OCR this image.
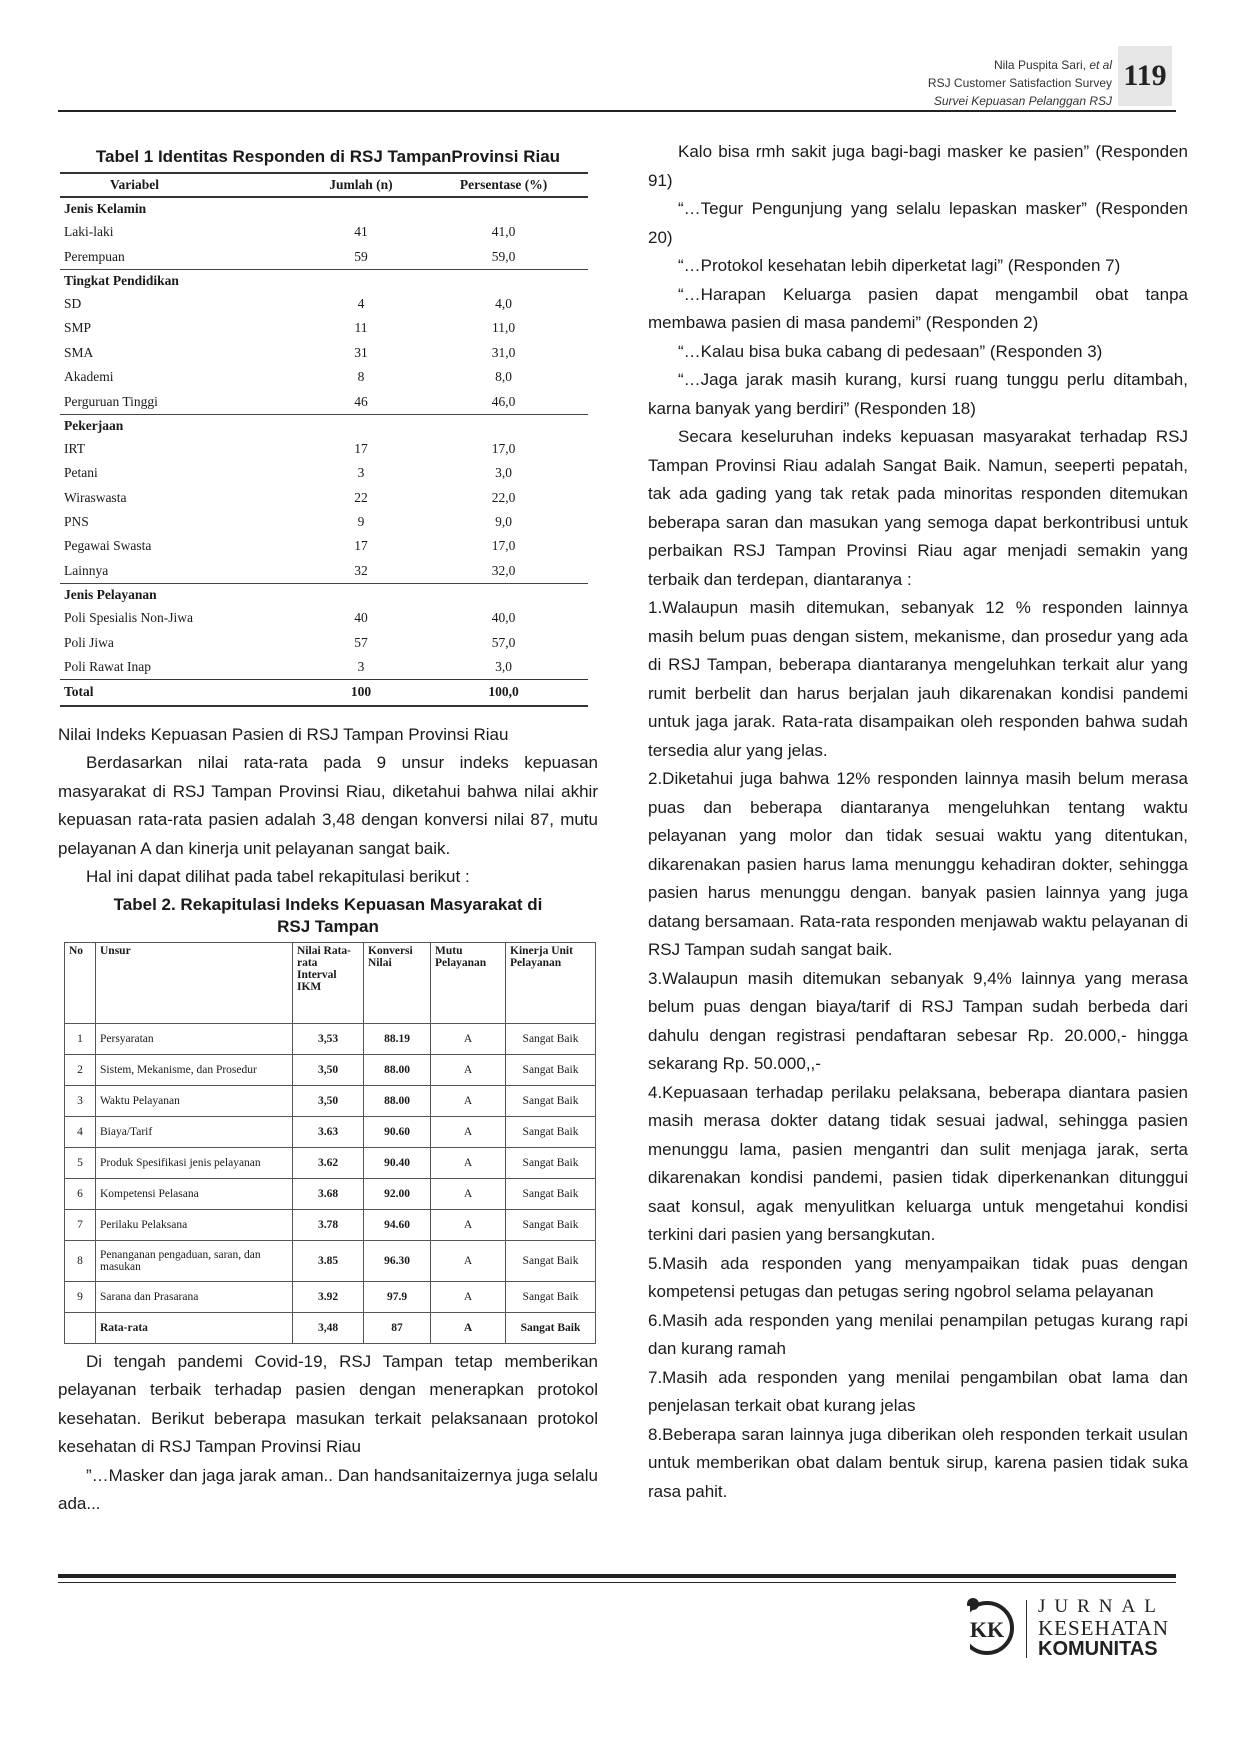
Nila Puspita Sari, et al
RSJ Customer Satisfaction Survey
Survei Kepuasan Pelanggan RSJ
119
Tabel 1 Identitas Responden di RSJ TampanProvinsi Riau
Variabel	Jumlah (n)	Persentase (%)
Jenis Kelamin		
Laki-laki	41	41,0
Perempuan	59	59,0
Tingkat Pendidikan		
SD	4	4,0
SMP	11	11,0
SMA	31	31,0
Akademi	8	8,0
Perguruan Tinggi	46	46,0
Pekerjaan		
IRT	17	17,0
Petani	3	3,0
Wiraswasta	22	22,0
PNS	9	9,0
Pegawai Swasta	17	17,0
Lainnya	32	32,0
Jenis Pelayanan		
Poli Spesialis Non-Jiwa	40	40,0
Poli Jiwa	57	57,0
Poli Rawat Inap	3	3,0
Total	100	100,0
Nilai Indeks Kepuasan Pasien di RSJ Tampan Provinsi Riau
Berdasarkan nilai rata-rata pada 9 unsur indeks kepuasan masyarakat di RSJ Tampan Provinsi Riau, diketahui bahwa nilai akhir kepuasan rata-rata pasien adalah 3,48 dengan konversi nilai 87, mutu pelayanan A dan kinerja unit pelayanan sangat baik.
Hal ini dapat dilihat pada tabel rekapitulasi berikut :
Tabel 2. Rekapitulasi Indeks Kepuasan Masyarakat di
RSJ Tampan
No	Unsur	Nilai Rata-rata Interval IKM	Konversi Nilai	Mutu Pelayanan	Kinerja Unit Pelayanan
1	Persyaratan	3,53	88.19	A	Sangat Baik
2	Sistem, Mekanisme, dan Prosedur	3,50	88.00	A	Sangat Baik
3	Waktu Pelayanan	3,50	88.00	A	Sangat Baik
4	Biaya/Tarif	3.63	90.60	A	Sangat Baik
5	Produk Spesifikasi jenis pelayanan	3.62	90.40	A	Sangat Baik
6	Kompetensi Pelasana	3.68	92.00	A	Sangat Baik
7	Perilaku Pelaksana	3.78	94.60	A	Sangat Baik
8	Penanganan pengaduan, saran, dan masukan	3.85	96.30	A	Sangat Baik
9	Sarana dan Prasarana	3.92	97.9	A	Sangat Baik
	Rata-rata	3,48	87	A	Sangat Baik
Di tengah pandemi Covid-19, RSJ Tampan tetap memberikan pelayanan terbaik terhadap pasien dengan menerapkan protokol kesehatan. Berikut beberapa masukan terkait pelaksanaan protokol kesehatan di RSJ Tampan Provinsi Riau
”…Masker dan jaga jarak aman.. Dan handsanitaizernya juga selalu ada...
Kalo bisa rmh sakit juga bagi-bagi masker ke pasien” (Responden 91)
“…Tegur Pengunjung yang selalu lepaskan masker” (Responden 20)
“…Protokol kesehatan lebih diperketat lagi” (Responden 7)
“…Harapan Keluarga pasien dapat mengambil obat tanpa membawa pasien di masa pandemi” (Responden 2)
“…Kalau bisa buka cabang di pedesaan” (Responden 3)
“…Jaga jarak masih kurang, kursi ruang tunggu perlu ditambah, karna banyak yang berdiri” (Responden 18)
Secara keseluruhan indeks kepuasan masyarakat terhadap RSJ Tampan Provinsi Riau adalah Sangat Baik. Namun, seeperti pepatah, tak ada gading yang tak retak pada minoritas responden ditemukan beberapa saran dan masukan yang semoga dapat berkontribusi untuk perbaikan RSJ Tampan Provinsi Riau agar menjadi semakin yang terbaik dan terdepan, diantaranya :
1.Walaupun masih ditemukan, sebanyak 12 % responden lainnya masih belum puas dengan sistem, mekanisme, dan prosedur yang ada di RSJ Tampan, beberapa diantaranya mengeluhkan terkait alur yang rumit berbelit dan harus berjalan jauh dikarenakan kondisi pandemi untuk jaga jarak. Rata-rata disampaikan oleh responden bahwa sudah tersedia alur yang jelas.
2.Diketahui juga bahwa 12% responden lainnya masih belum merasa puas dan beberapa diantaranya mengeluhkan tentang waktu pelayanan yang molor dan tidak sesuai waktu yang ditentukan, dikarenakan pasien harus lama menunggu kehadiran dokter, sehingga pasien harus menunggu dengan. banyak pasien lainnya yang juga datang bersamaan. Rata-rata responden menjawab waktu pelayanan di RSJ Tampan sudah sangat baik.
3.Walaupun masih ditemukan sebanyak 9,4% lainnya yang merasa belum puas dengan biaya/tarif di RSJ Tampan sudah berbeda dari dahulu dengan registrasi pendaftaran sebesar Rp. 20.000,- hingga sekarang Rp. 50.000,,-
4.Kepuasaan terhadap perilaku pelaksana, beberapa diantara pasien masih merasa dokter datang tidak sesuai jadwal, sehingga pasien menunggu lama, pasien mengantri dan sulit menjaga jarak, serta dikarenakan kondisi pandemi, pasien tidak diperkenankan ditunggui saat konsul, agak menyulitkan keluarga untuk mengetahui kondisi terkini dari pasien yang bersangkutan.
5.Masih ada responden yang menyampaikan tidak puas dengan kompetensi petugas dan petugas sering ngobrol selama pelayanan
6.Masih ada responden yang menilai penampilan petugas kurang rapi dan kurang ramah
7.Masih ada responden yang menilai pengambilan obat lama dan penjelasan terkait obat kurang jelas
8.Beberapa saran lainnya juga diberikan oleh responden terkait usulan untuk memberikan obat dalam bentuk sirup, karena pasien tidak suka rasa pahit.
KK
JURNAL
KESEHATAN
KOMUNITAS
